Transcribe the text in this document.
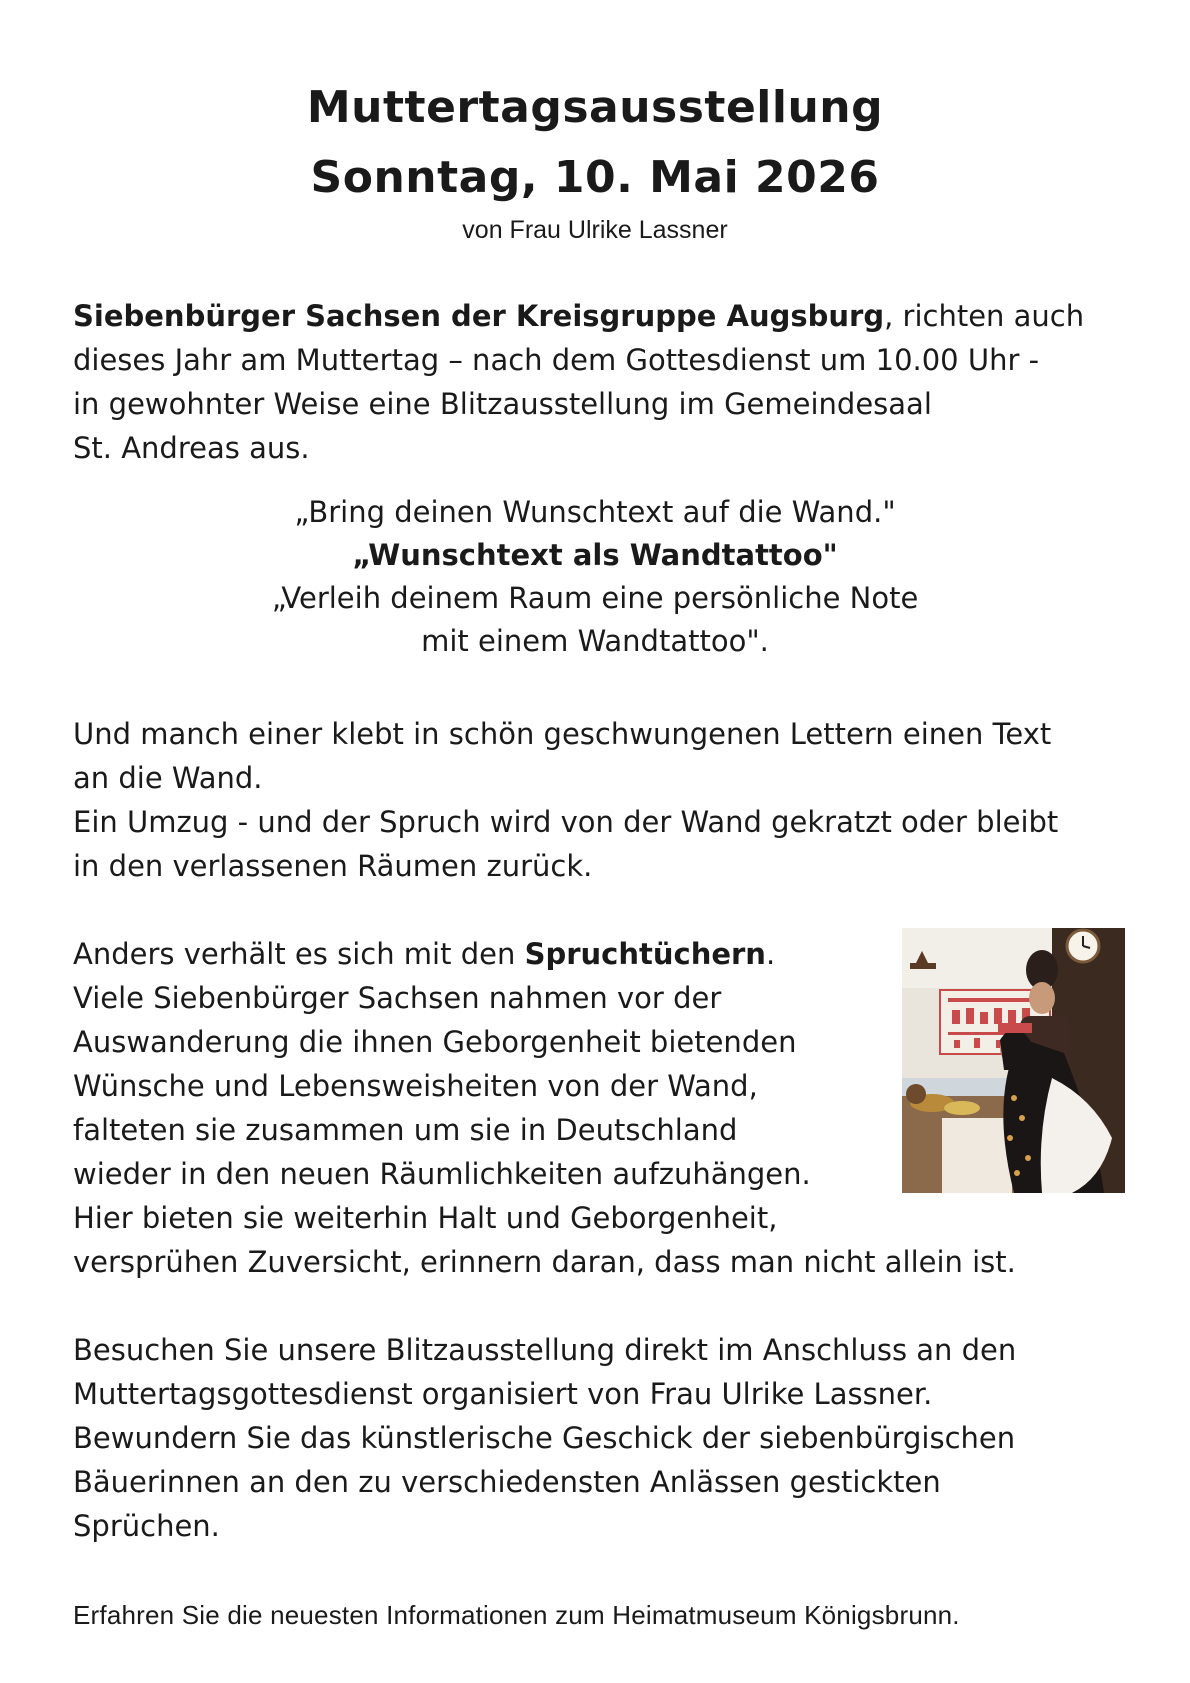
Muttertagsausstellung
Sonntag, 10. Mai 2026
von Frau Ulrike Lassner
Siebenbürger Sachsen der Kreisgruppe Augsburg, richten auch
dieses Jahr am Muttertag – nach dem Gottesdienst um 10.00 Uhr -
in gewohnter Weise eine Blitzausstellung im Gemeindesaal
St. Andreas aus.
„Bring deinen Wunschtext auf die Wand."
„Wunschtext als Wandtattoo"
„Verleih deinem Raum eine persönliche Note
mit einem Wandtattoo".
Und manch einer klebt in schön geschwungenen Lettern einen Text
an die Wand.
Ein Umzug - und der Spruch wird von der Wand gekratzt oder bleibt
in den verlassenen Räumen zurück.
Anders verhält es sich mit den Spruchtüchern.
Viele Siebenbürger Sachsen nahmen vor der
Auswanderung die ihnen Geborgenheit bietenden
Wünsche und Lebensweisheiten von der Wand,
falteten sie zusammen um sie in Deutschland
wieder in den neuen Räumlichkeiten aufzuhängen.
Hier bieten sie weiterhin Halt und Geborgenheit,
versprühen Zuversicht, erinnern daran, dass man nicht allein ist.
Besuchen Sie unsere Blitzausstellung direkt im Anschluss an den
Muttertagsgottesdienst organisiert von Frau Ulrike Lassner.
Bewundern Sie das künstlerische Geschick der siebenbürgischen
Bäuerinnen an den zu verschiedensten Anlässen gestickten
Sprüchen.
Erfahren Sie die neuesten Informationen zum Heimatmuseum Königsbrunn.
